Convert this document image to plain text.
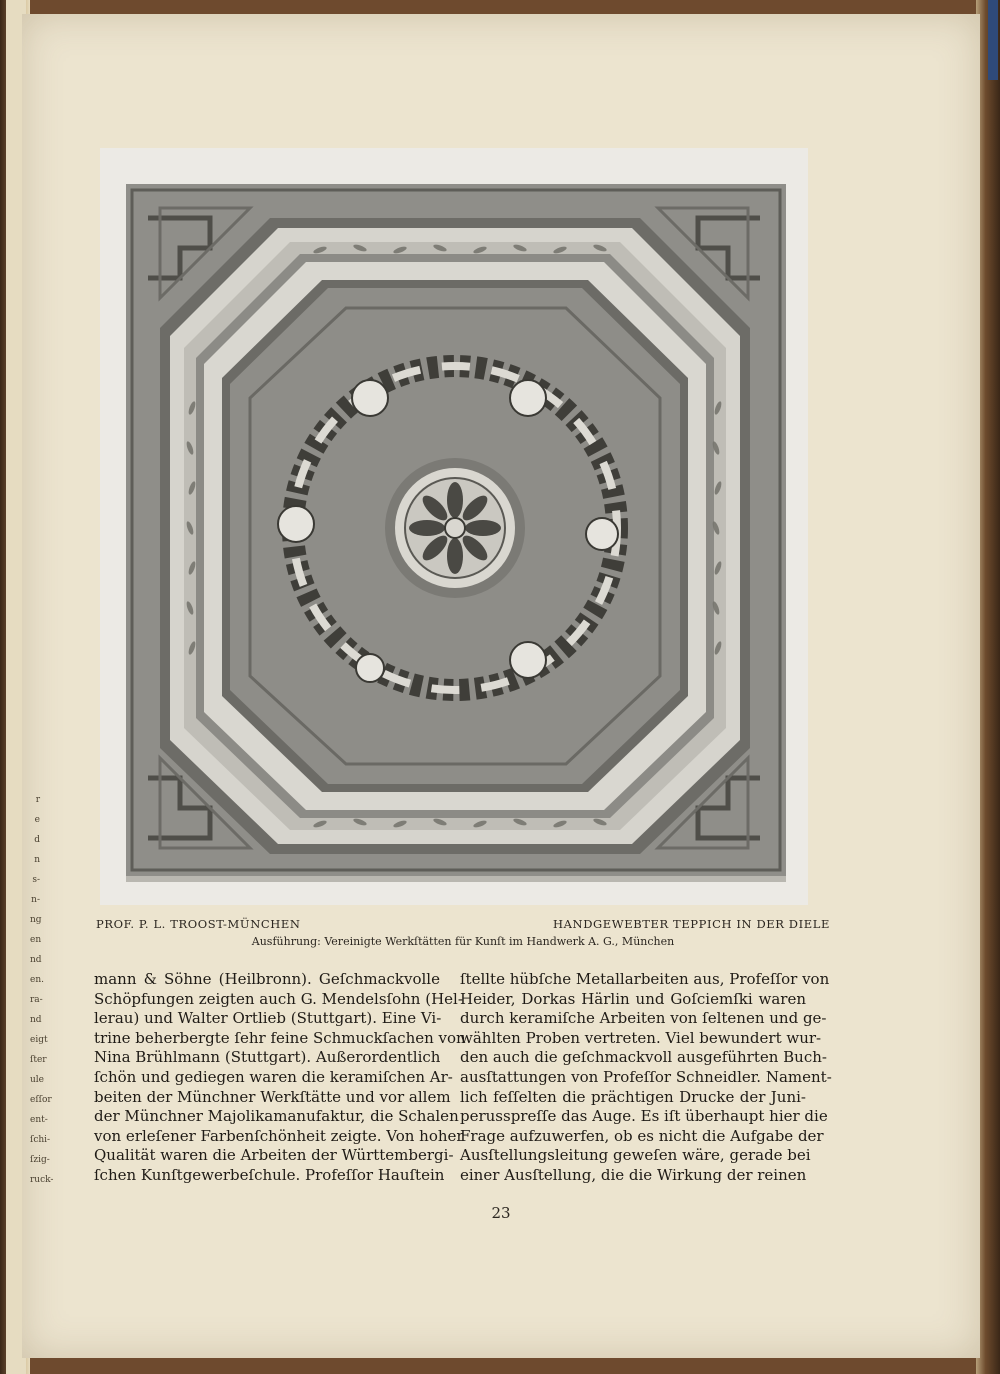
r
e
d
n
s-
n-
ng
en
nd
en.
ra-
nd
eigt
ſter
ule
eſſor
ent-
ſchi-
ſzig-
ruck-
PROF. P. L. TROOST-MÜNCHEN	HANDGEWEBTER TEPPICH IN DER DIELE
Ausführung: Vereinigte Werkſtätten für Kunſt im Handwerk A. G., München

mann & Söhne (Heilbronn). Geſchmackvolle

Schöpfungen zeigten auch G. Mendelsſohn (Hel-

lerau) und Walter Ortlieb (Stuttgart). Eine Vi-

trine beherbergte ſehr feine Schmuckſachen von

Nina Brühlmann (Stuttgart). Außerordentlich

ſchön und gediegen waren die keramiſchen Ar-

beiten der Münchner Werkſtätte und vor allem

der Münchner Majolikamanufaktur, die Schalen

von erleſener Farbenſchönheit zeigte. Von hoher

Qualität waren die Arbeiten der Württembergi-

ſchen Kunſtgewerbeſchule. Profeſſor Hauſtein

ſtellte hübſche Metallarbeiten aus, Profeſſor von

Heider, Dorkas Härlin und Goſciemſki waren

durch keramiſche Arbeiten von ſeltenen und ge-

wählten Proben vertreten. Viel bewundert wur-

den auch die geſchmackvoll ausgeführten Buch-

ausſtattungen von Profeſſor Schneidler. Nament-

lich feſſelten die prächtigen Drucke der Juni-

perusspreſſe das Auge. Es iſt überhaupt hier die

Frage aufzuwerfen, ob es nicht die Aufgabe der

Ausſtellungsleitung geweſen wäre, gerade bei

einer Ausſtellung, die die Wirkung der reinen

23
